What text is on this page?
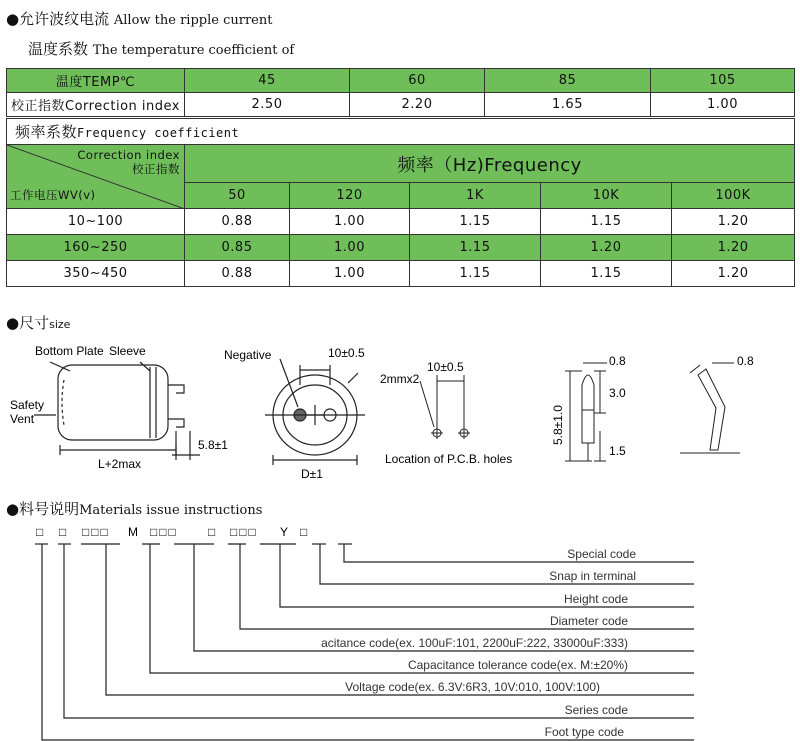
●允许波纹电流 Allow the ripple current
温度系数 The temperature coefficient of
温度TEMP℃	45	60	85	105
校正指数Correction index	2.50	2.20	1.65	1.00
频率系数Frequency coefficient					

Correction index
校正指数
工作电压WV(v)	频率（Hz)Frequency				
	50	120	1K	10K	100K
10~100	0.88	1.00	1.15	1.15	1.20
160~250	0.85	1.00	1.15	1.20	1.20
350~450	0.88	1.00	1.15	1.15	1.20
●尺寸size
Bottom Plate Sleeve
Safety
Vent
L+2max
5.8±1
Negative	10±0.5
D±1
2mmx2
10±0.5
Location of P.C.B. holes
0.8
3.0
5.8±1.0
1.5
0.8
●料号说明Materials issue instructions
□ □ □□□ M □□□	□ □□□ Y □
Special code
Snap in terminal
Height code
Diameter code
acitance code(ex. 100uF:101, 2200uF:222, 33000uF:333)
Capacitance tolerance code(ex. M:±20%)
Voltage code(ex. 6.3V:6R3, 10V:010, 100V:100)
Series code
Foot type code
